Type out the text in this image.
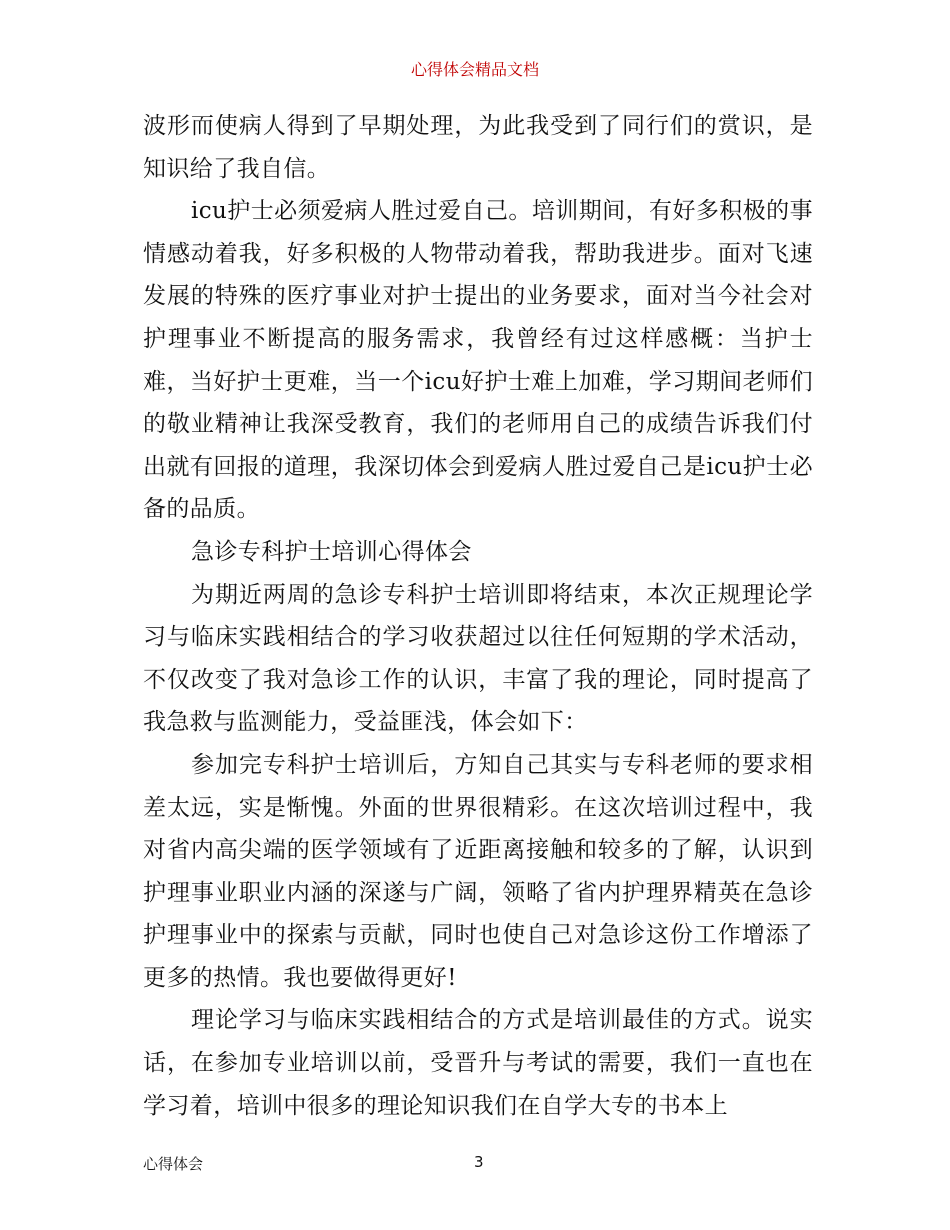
心得体会精品文档

波形而使病人得到了早期处理，为此我受到了同行们的赏识，是知识给了我自信。

icu护士必须爱病人胜过爱自己。培训期间，有好多积极的事情感动着我，好多积极的人物带动着我，帮助我进步。面对飞速发展的特殊的医疗事业对护士提出的业务要求，面对当今社会对护理事业不断提高的服务需求，我曾经有过这样感概：当护士难，当好护士更难，当一个icu好护士难上加难，学习期间老师们的敬业精神让我深受教育，我们的老师用自己的成绩告诉我们付出就有回报的道理，我深切体会到爱病人胜过爱自己是icu护士必备的品质。

急诊专科护士培训心得体会

为期近两周的急诊专科护士培训即将结束，本次正规理论学习与临床实践相结合的学习收获超过以往任何短期的学术活动，不仅改变了我对急诊工作的认识，丰富了我的理论，同时提高了我急救与监测能力，受益匪浅，体会如下：

参加完专科护士培训后，方知自己其实与专科老师的要求相差太远，实是惭愧。外面的世界很精彩。在这次培训过程中，我对省内高尖端的医学领域有了近距离接触和较多的了解，认识到护理事业职业内涵的深遂与广阔，领略了省内护理界精英在急诊护理事业中的探索与贡献，同时也使自己对急诊这份工作增添了更多的热情。我也要做得更好!

理论学习与临床实践相结合的方式是培训最佳的方式。说实话，在参加专业培训以前，受晋升与考试的需要，我们一直也在学习着，培训中很多的理论知识我们在自学大专的书本上

心得体会	3
